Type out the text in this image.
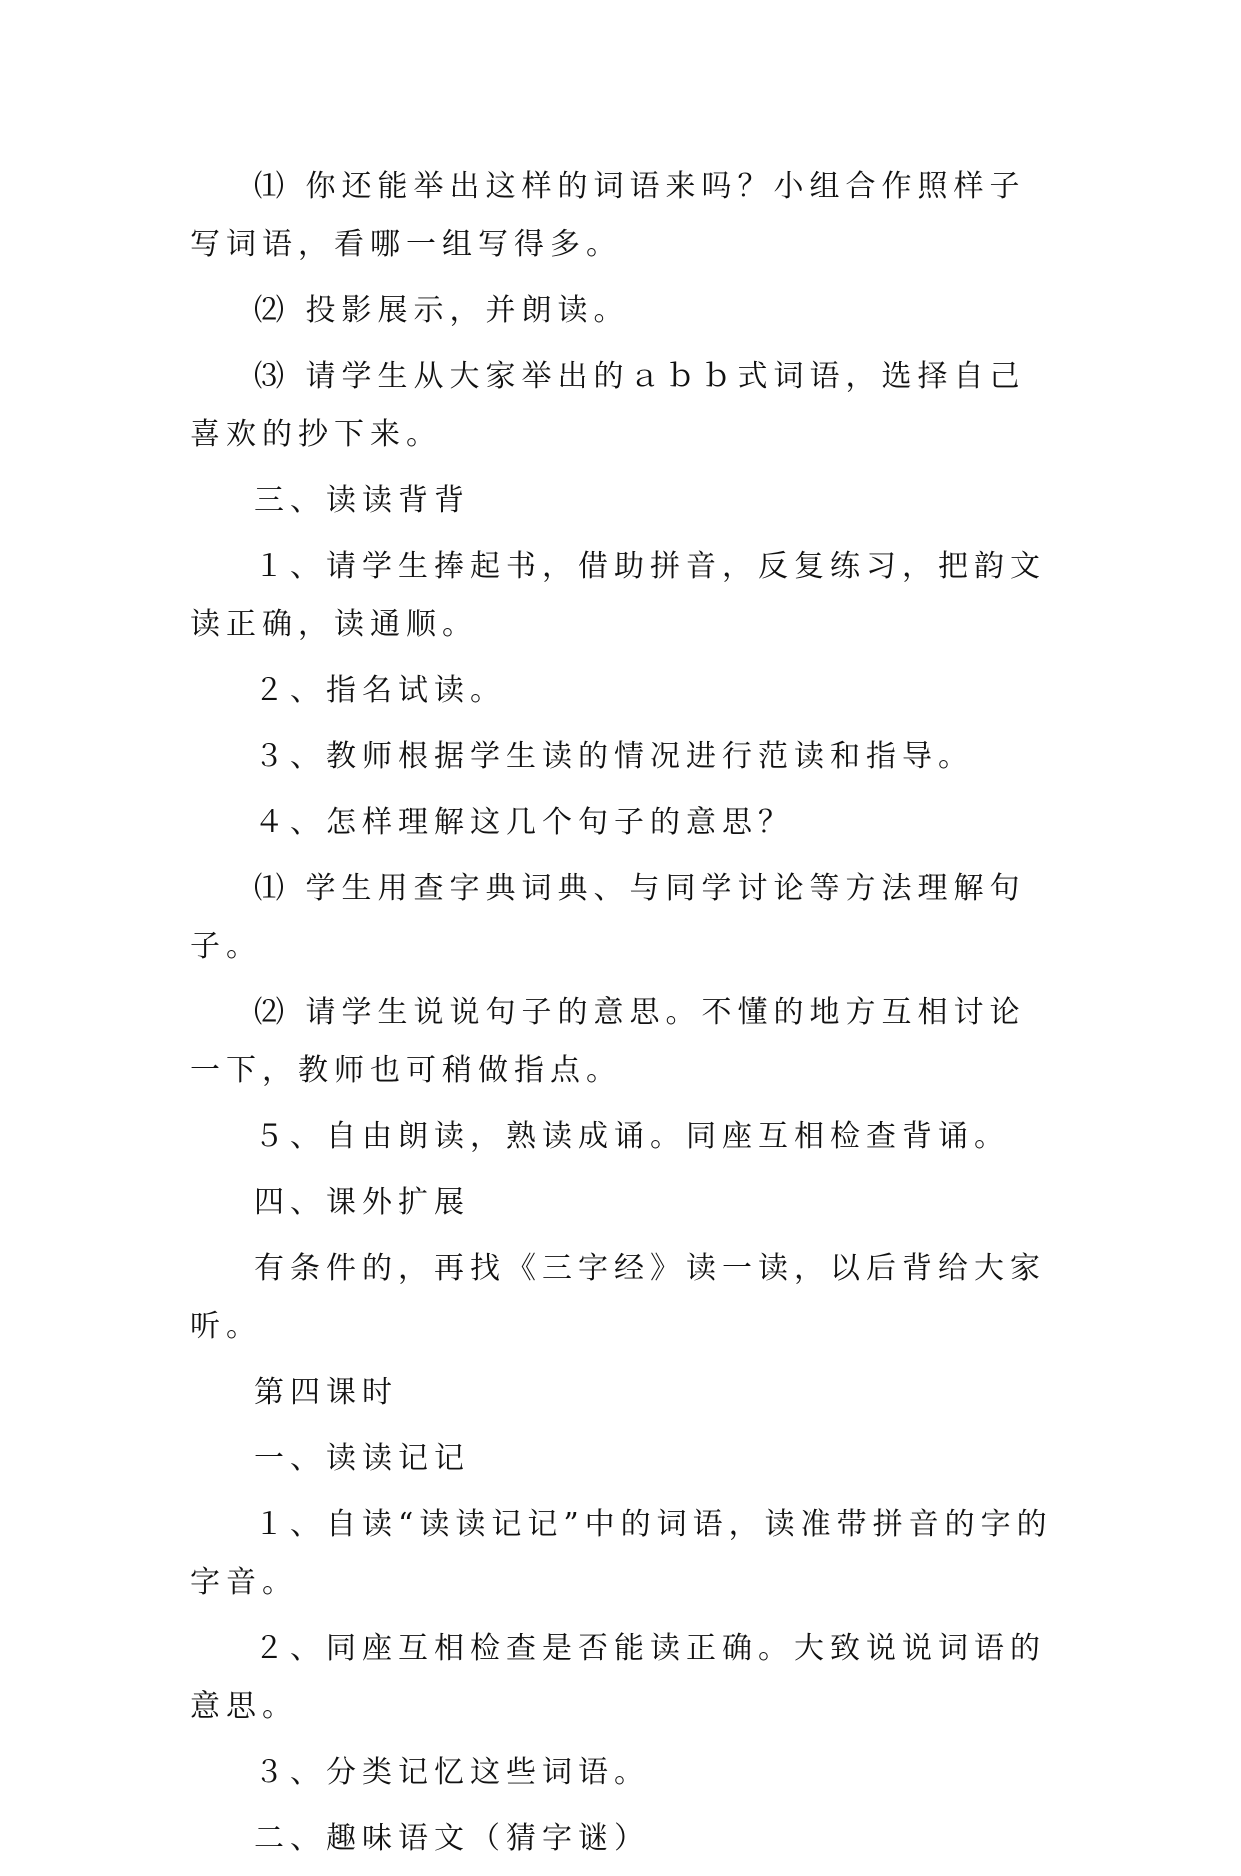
⑴ 你还能举出这样的词语来吗？小组合作照样子写词语，看哪一组写得多。

⑵ 投影展示，并朗读。

⑶ 请学生从大家举出的ａｂｂ式词语，选择自己喜欢的抄下来。

三、读读背背

１、请学生捧起书，借助拼音，反复练习，把韵文读正确，读通顺。

２、指名试读。

３、教师根据学生读的情况进行范读和指导。

４、怎样理解这几个句子的意思？

⑴ 学生用查字典词典、与同学讨论等方法理解句子。

⑵ 请学生说说句子的意思。不懂的地方互相讨论一下，教师也可稍做指点。

５、自由朗读，熟读成诵。同座互相检查背诵。

四、课外扩展

有条件的，再找《三字经》读一读，以后背给大家听。

第四课时

一、读读记记

１、自读“读读记记”中的词语，读准带拼音的字的字音。

２、同座互相检查是否能读正确。大致说说词语的意思。

３、分类记忆这些词语。

二、趣味语文（猜字谜）
